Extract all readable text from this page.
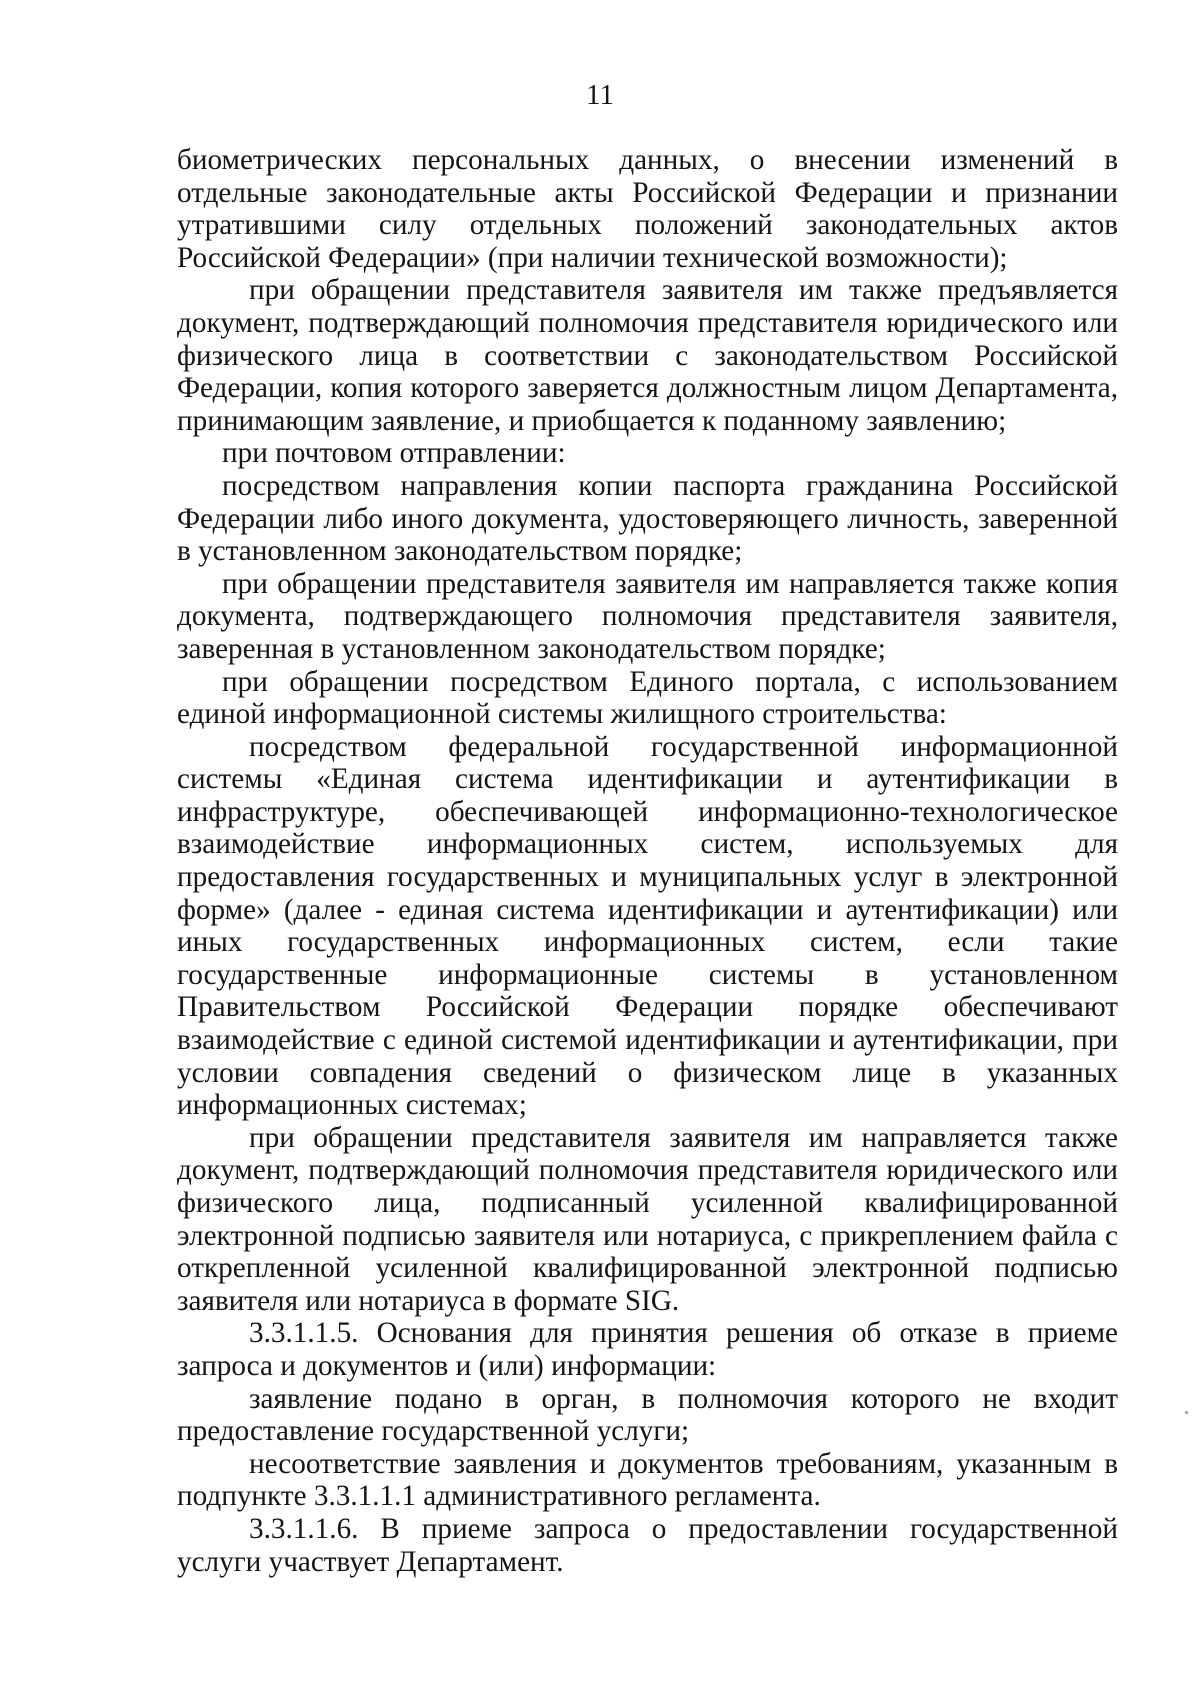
11

биометрических персональных данных, о внесении изменений в отдельные законодательные акты Российской Федерации и признании утратившими силу отдельных положений законодательных актов Российской Федерации» (при наличии технической возможности);

при обращении представителя заявителя им также предъявляется документ, подтверждающий полномочия представителя юридического или физического лица в соответствии с законодательством Российской Федерации, копия которого заверяется должностным лицом Департамента, принимающим заявление, и приобщается к поданному заявлению;

при почтовом отправлении:

посредством направления копии паспорта гражданина Российской Федерации либо иного документа, удостоверяющего личность, заверенной в установленном законодательством порядке;

при обращении представителя заявителя им направляется также копия документа, подтверждающего полномочия представителя заявителя, заверенная в установленном законодательством порядке;

при обращении посредством Единого портала, с использованием единой информационной системы жилищного строительства:

посредством федеральной государственной информационной системы «Единая система идентификации и аутентификации в инфраструктуре, обеспечивающей информационно-технологическое взаимодействие информационных систем, используемых для предоставления государственных и муниципальных услуг в электронной форме» (далее - единая система идентификации и аутентификации) или иных государственных информационных систем, если такие государственные информационные системы в установленном Правительством Российской Федерации порядке обеспечивают взаимодействие с единой системой идентификации и аутентификации, при условии совпадения сведений о физическом лице в указанных информационных системах;

при обращении представителя заявителя им направляется также документ, подтверждающий полномочия представителя юридического или физического лица, подписанный усиленной квалифицированной электронной подписью заявителя или нотариуса, с прикреплением файла с открепленной усиленной квалифицированной электронной подписью заявителя или нотариуса в формате SIG.

3.3.1.1.5. Основания для принятия решения об отказе в приеме запроса и документов и (или) информации:

заявление подано в орган, в полномочия которого не входит предоставление государственной услуги;

несоответствие заявления и документов требованиям, указанным в подпункте 3.3.1.1.1 административного регламента.

3.3.1.1.6. В приеме запроса о предоставлении государственной услуги участвует Департамент.
